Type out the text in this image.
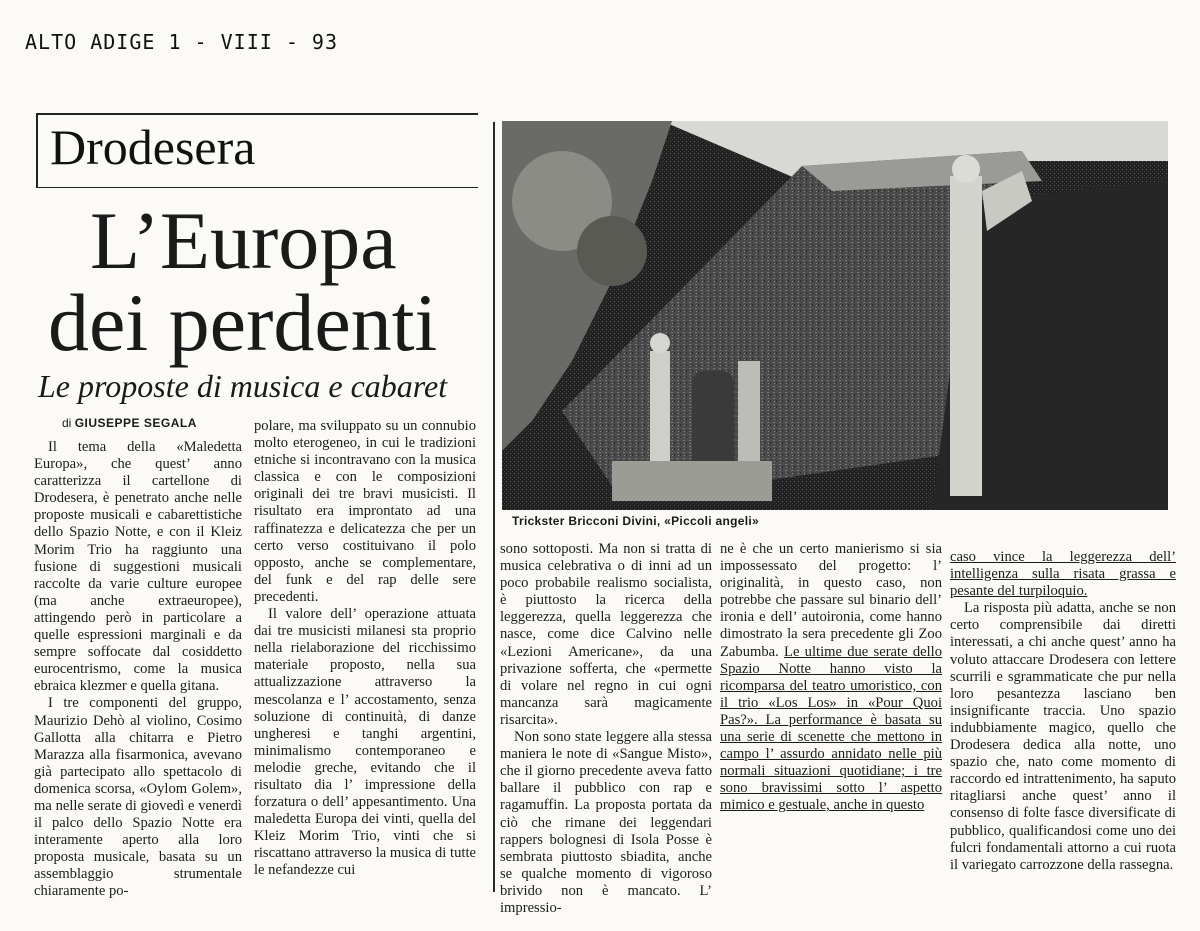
ALTO ADIGE 1 - VIII - 93
Drodesera
L’Europa
dei perdenti
Le proposte di musica e cabaret
di GIUSEPPE SEGALA
Trickster Bricconi Divini, «Piccoli angeli»

Il tema della «Maledetta Europa», che quest’ anno caratterizza il cartellone di Drodesera, è penetrato anche nelle proposte musicali e cabarettistiche dello Spazio Notte, e con il Kleiz Morim Trio ha raggiunto una fusione di suggestioni musicali raccolte da varie culture europee (ma anche extraeuropee), attingendo però in particolare a quelle espressioni marginali e da sempre soffocate dal cosiddetto eurocentrismo, come la musica ebraica klezmer e quella gitana.

I tre componenti del gruppo, Maurizio Dehò al violino, Cosimo Gallotta alla chitarra e Pietro Marazza alla fisarmonica, avevano già partecipato allo spettacolo di domenica scorsa, «Oylom Golem», ma nelle serate di giovedì e venerdì il palco dello Spazio Notte era interamente aperto alla loro proposta musicale, basata su un assemblaggio strumentale chiaramente po-

polare, ma sviluppato su un connubio molto eterogeneo, in cui le tradizioni etniche si incontravano con la musica classica e con le composizioni originali dei tre bravi musicisti. Il risultato era improntato ad una raffinatezza e delicatezza che per un certo verso costituivano il polo opposto, anche se complementare, del funk e del rap delle sere precedenti.

Il valore dell’ operazione attuata dai tre musicisti milanesi sta proprio nella rielaborazione del ricchissimo materiale proposto, nella sua attualizzazione attraverso la mescolanza e l’ accostamento, senza soluzione di continuità, di danze ungheresi e tanghi argentini, minimalismo contemporaneo e melodie greche, evitando che il risultato dia l’ impressione della forzatura o dell’ appesantimento. Una maledetta Europa dei vinti, quella del Kleiz Morim Trio, vinti che si riscattano attraverso la musica di tutte le nefandezze cui

sono sottoposti. Ma non si tratta di musica celebrativa o di inni ad un poco probabile realismo socialista, è piuttosto la ricerca della leggerezza, quella leggerezza che nasce, come dice Calvino nelle «Lezioni Americane», da una privazione sofferta, che «permette di volare nel regno in cui ogni mancanza sarà magicamente risarcita».

Non sono state leggere alla stessa maniera le note di «Sangue Misto», che il giorno precedente aveva fatto ballare il pubblico con rap e ragamuffin. La proposta portata da ciò che rimane dei leggendari rappers bolognesi di Isola Posse è sembrata piuttosto sbiadita, anche se qualche momento di vigoroso brivido non è mancato. L’ impressio-

ne è che un certo manierismo si sia impossessato del progetto: l’ originalità, in questo caso, non potrebbe che passare sul binario dell’ ironia e dell’ autoironia, come hanno dimostrato la sera precedente gli Zoo Zabumba. Le ultime due serate dello Spazio Notte hanno visto la ricomparsa del teatro umoristico, con il trio «Los Los» in «Pour Quoi Pas?». La performance è basata su una serie di scenette che mettono in campo l’ assurdo annidato nelle più normali situazioni quotidiane; i tre sono bravissimi sotto l’ aspetto mimico e gestuale, anche in questo

caso vince la leggerezza dell’ intelligenza sulla risata grassa e pesante del turpiloquio.

La risposta più adatta, anche se non certo comprensibile dai diretti interessati, a chi anche quest’ anno ha voluto attaccare Drodesera con lettere scurrili e sgrammaticate che pur nella loro pesantezza lasciano ben insignificante traccia. Uno spazio indubbiamente magico, quello che Drodesera dedica alla notte, uno spazio che, nato come momento di raccordo ed intrattenimento, ha saputo ritagliarsi anche quest’ anno il consenso di folte fasce diversificate di pubblico, qualificandosi come uno dei fulcri fondamentali attorno a cui ruota il variegato carrozzone della rassegna.
